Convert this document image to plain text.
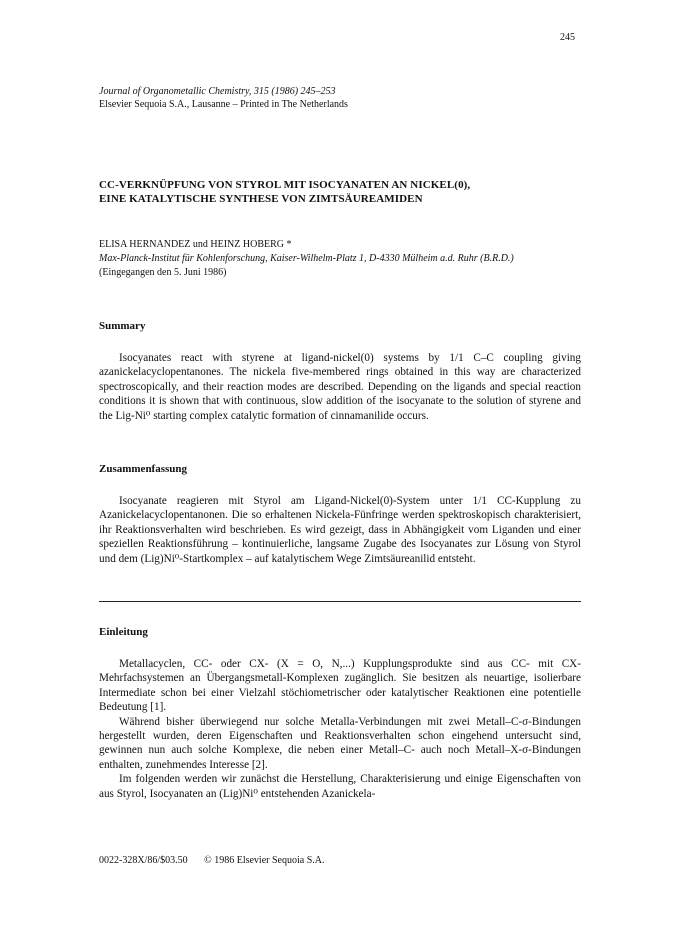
245
Journal of Organometallic Chemistry, 315 (1986) 245–253
Elsevier Sequoia S.A., Lausanne – Printed in The Netherlands
CC-VERKNÜPFUNG VON STYROL MIT ISOCYANATEN AN NICKEL(0),
EINE KATALYTISCHE SYNTHESE VON ZIMTSÄUREAMIDEN
ELISA HERNANDEZ und HEINZ HOBERG *
Max-Planck-Institut für Kohlenforschung, Kaiser-Wilhelm-Platz 1, D-4330 Mülheim a.d. Ruhr (B.R.D.)
(Eingegangen den 5. Juni 1986)
Summary

Isocyanates react with styrene at ligand-nickel(0) systems by 1/1 C–C coupling giving azanickelacyclopentanones. The nickela five-membered rings obtained in this way are characterized spectroscopically, and their reaction modes are described. Depending on the ligands and special reaction conditions it is shown that with continuous, slow addition of the isocyanate to the solution of styrene and the Lig-Ni⁰ starting complex catalytic formation of cinnamanilide occurs.

Zusammenfassung

Isocyanate reagieren mit Styrol am Ligand-Nickel(0)-System unter 1/1 CC-Kupplung zu Azanickelacyclopentanonen. Die so erhaltenen Nickela-Fünfringe werden spektroskopisch charakterisiert, ihr Reaktionsverhalten wird beschrieben. Es wird gezeigt, dass in Abhängigkeit vom Liganden und einer speziellen Reaktionsführung – kontinuierliche, langsame Zugabe des Isocyanates zur Lösung von Styrol und dem (Lig)Ni⁰-Startkomplex – auf katalytischem Wege Zimtsäureanilid entsteht.

Einleitung

Metallacyclen, CC- oder CX- (X = O, N,...) Kupplungsprodukte sind aus CC- mit CX-Mehrfachsystemen an Übergangsmetall-Komplexen zugänglich. Sie besitzen als neuartige, isolierbare Intermediate schon bei einer Vielzahl stöchiometrischer oder katalytischer Reaktionen eine potentielle Bedeutung [1].

Während bisher überwiegend nur solche Metalla-Verbindungen mit zwei Metall–C-σ-Bindungen hergestellt wurden, deren Eigenschaften und Reaktionsverhalten schon eingehend untersucht sind, gewinnen nun auch solche Komplexe, die neben einer Metall–C- auch noch Metall–X-σ-Bindungen enthalten, zunehmendes Interesse [2].

Im folgenden werden wir zunächst die Herstellung, Charakterisierung und einige Eigenschaften von aus Styrol, Isocyanaten an (Lig)Ni⁰ entstehenden Azanickela-

0022-328X/86/$03.50 © 1986 Elsevier Sequoia S.A.
